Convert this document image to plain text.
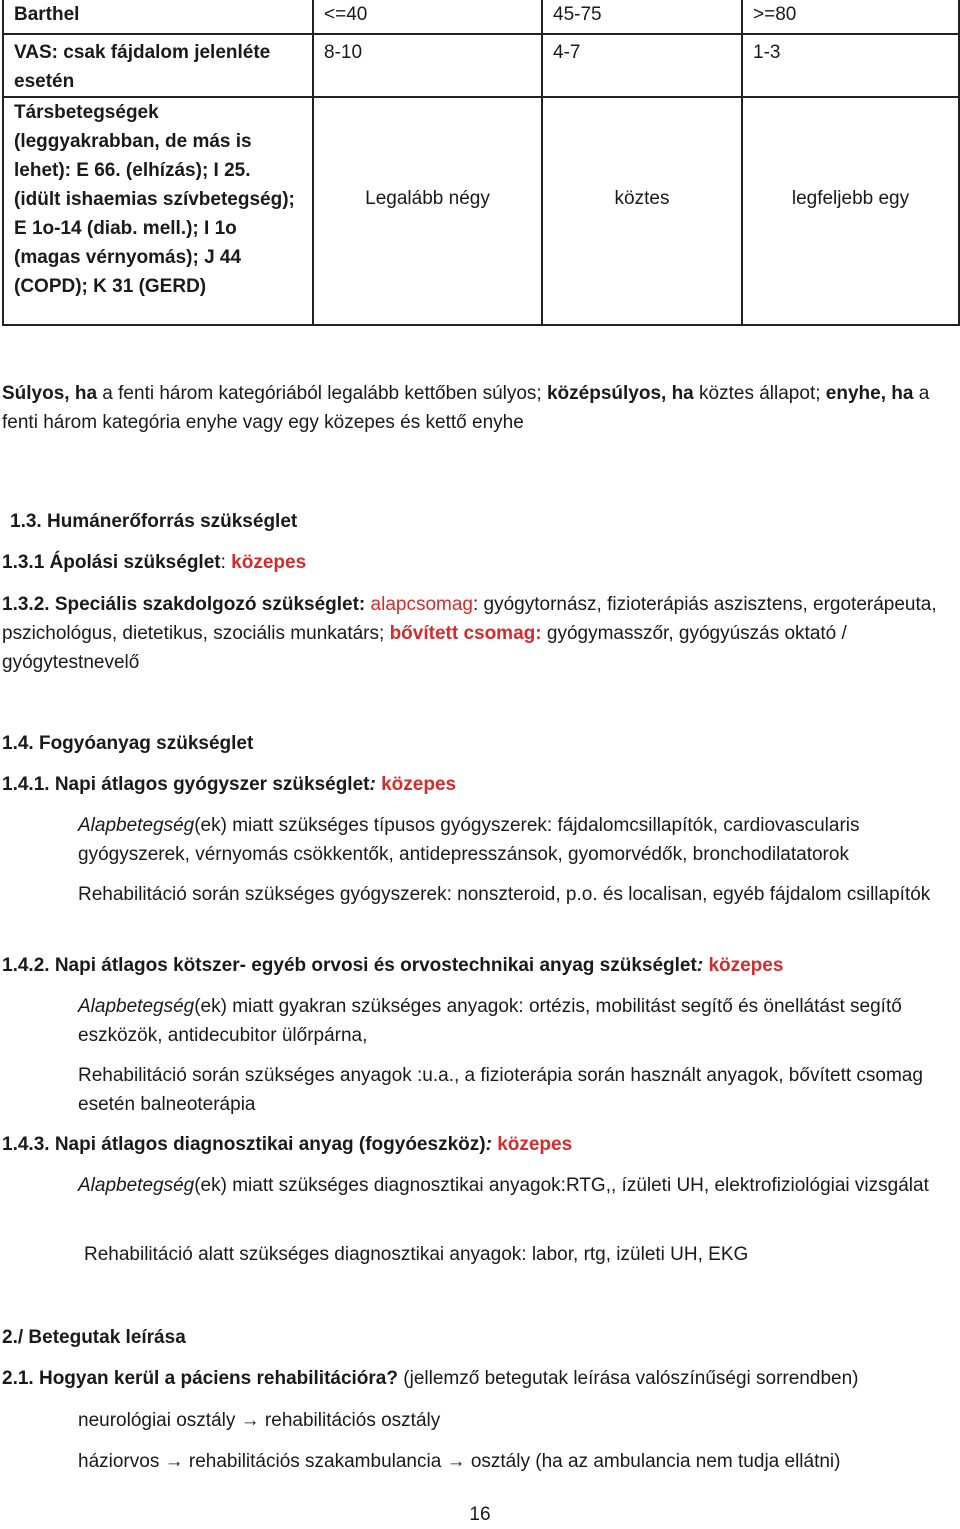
Barthel	<=40	45-75	>=80
VAS: csak fájdalom jelenléte esetén	8-10	4-7	1-3
Társbetegségek (leggyakrabban, de más is lehet): E 66. (elhízás); I 25. (idült ishaemias szívbetegség); E 1o-14 (diab. mell.); I 1o (magas vérnyomás); J 44 (COPD); K 31 (GERD)	Legalább négy	köztes	legfeljebb egy
Súlyos, ha a fenti három kategóriából legalább kettőben súlyos; középsúlyos, ha köztes állapot; enyhe, ha a fenti három kategória enyhe vagy egy közepes és kettő enyhe
1.3. Humánerőforrás szükséglet
1.3.1 Ápolási szükséglet: közepes
1.3.2. Speciális szakdolgozó szükséglet: alapcsomag: gyógytornász, fizioterápiás aszisztens, ergoterápeuta, pszichológus, dietetikus, szociális munkatárs; bővített csomag: gyógymasszőr, gyógyúszás oktató / gyógytestnevelő
1.4. Fogyóanyag szükséglet
1.4.1. Napi átlagos gyógyszer szükséglet: közepes
Alapbetegség(ek) miatt szükséges típusos gyógyszerek: fájdalomcsillapítók, cardiovascularis gyógyszerek, vérnyomás csökkentők, antidepresszánsok, gyomorvédők, bronchodilatatorok
Rehabilitáció során szükséges gyógyszerek: nonszteroid, p.o. és localisan, egyéb fájdalom csillapítók
1.4.2. Napi átlagos kötszer- egyéb orvosi és orvostechnikai anyag szükséglet: közepes
Alapbetegség(ek) miatt gyakran szükséges anyagok: ortézis, mobilitást segítő és önellátást segítő eszközök, antidecubitor ülőrpárna,
Rehabilitáció során szükséges anyagok :u.a., a fizioterápia során használt anyagok, bővített csomag esetén balneoterápia
1.4.3. Napi átlagos diagnosztikai anyag (fogyóeszköz): közepes
Alapbetegség(ek) miatt szükséges diagnosztikai anyagok:RTG,, ízületi UH, elektrofiziológiai vizsgálat
Rehabilitáció alatt szükséges diagnosztikai anyagok: labor, rtg, izületi UH, EKG
2./ Betegutak leírása
2.1. Hogyan kerül a páciens rehabilitációra? (jellemző betegutak leírása valószínűségi sorrendben)
neurológiai osztály → rehabilitációs osztály
háziorvos → rehabilitációs szakambulancia → osztály (ha az ambulancia nem tudja ellátni)
16
